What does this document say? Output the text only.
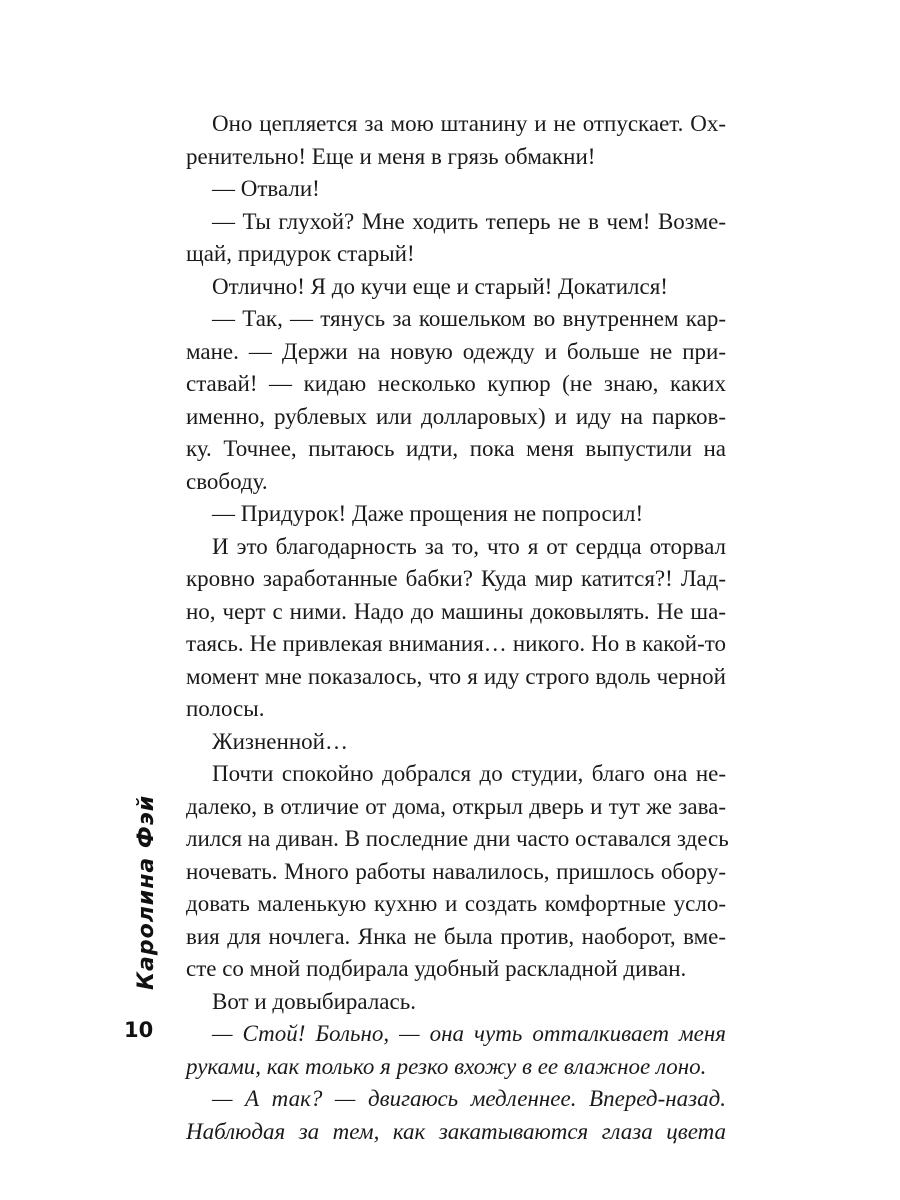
Оно цепляется за мою штанину и не отпускает. Ох-
ренительно! Еще и меня в грязь обмакни!
— Отвали!
— Ты глухой? Мне ходить теперь не в чем! Возме-
щай, придурок старый!
Отлично! Я до кучи еще и старый! Докатился!
— Так, — тянусь за кошельком во внутреннем кар-
мане. — Держи на новую одежду и больше не при-
ставай! — кидаю несколько купюр (не знаю, каких
именно, рублевых или долларовых) и иду на парков-
ку. Точнее, пытаюсь идти, пока меня выпустили на
свободу.
— Придурок! Даже прощения не попросил!
И это благодарность за то, что я от сердца оторвал
кровно заработанные бабки? Куда мир катится?! Лад-
но, черт с ними. Надо до машины доковылять. Не ша-
таясь. Не привлекая внимания… никого. Но в какой-то
момент мне показалось, что я иду строго вдоль черной
полосы.
Жизненной…
Почти спокойно добрался до студии, благо она не-
далеко, в отличие от дома, открыл дверь и тут же зава-
лился на диван. В последние дни часто оставался здесь
ночевать. Много работы навалилось, пришлось обору-
довать маленькую кухню и создать комфортные усло-
вия для ночлега. Янка не была против, наоборот, вме-
сте со мной подбирала удобный раскладной диван.
Вот и довыбиралась.
— Стой! Больно, — она чуть отталкивает меня
руками, как только я резко вхожу в ее влажное лоно.
— А так? — двигаюсь медленнее. Вперед-назад.
Наблюдая за тем, как закатываются глаза цвета
Каролина Фэй
10
